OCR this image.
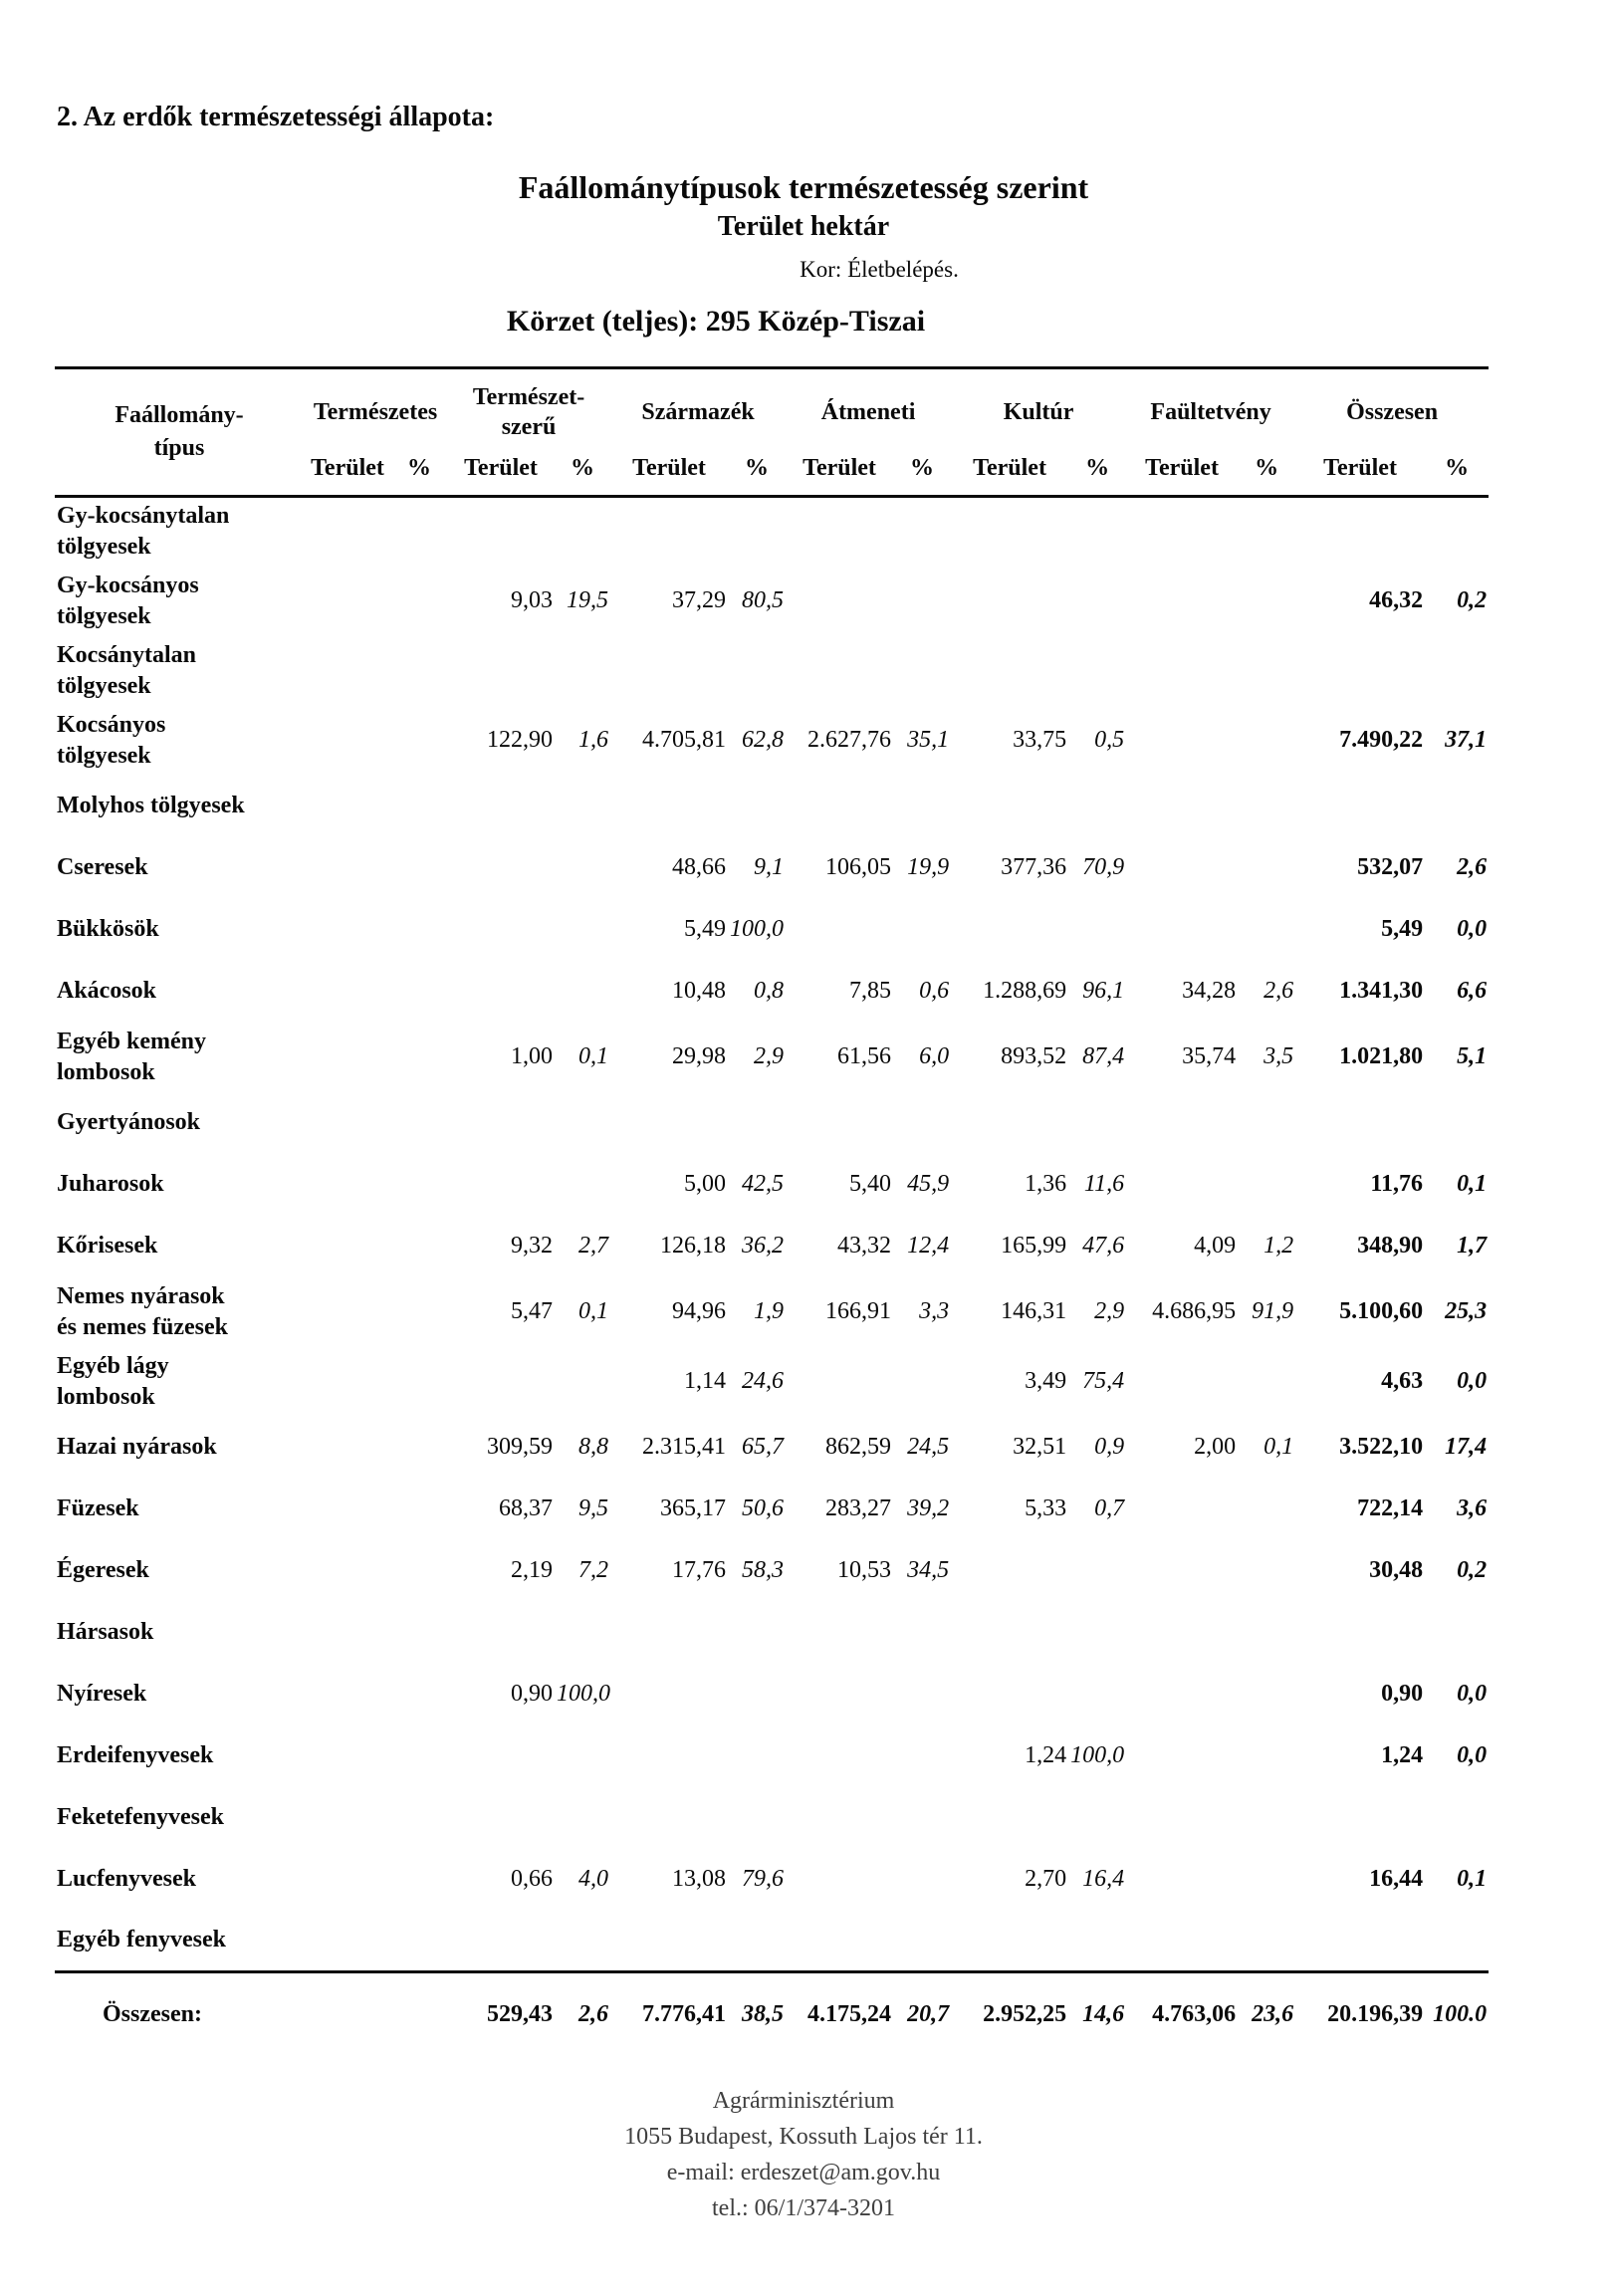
2. Az erdők természetességi állapota:
Faállománytípusok természetesség szerint
Terület hektár
Kor: Életbelépés.
Körzet (teljes): 295 Közép-Tiszai
Faállomány-
típus
	Természetes	Természet-
szerű	Származék	Átmeneti	Kultúr	Faültetvény	Összesen
	Terület	%	Terület	%	Terület	%	Terület	%	Terület	%	Terület	%	Terület	%
Gy-kocsánytalan
tölgyesek														
Gy-kocsányos
tölgyesek			9,03	19,5	37,29	80,5							46,32	0,2
Kocsánytalan
tölgyesek														
Kocsányos
tölgyesek			122,90	1,6	4.705,81	62,8	2.627,76	35,1	33,75	0,5			7.490,22	37,1
Molyhos tölgyesek														
Cseresek					48,66	9,1	106,05	19,9	377,36	70,9			532,07	2,6
Bükkösök					5,49	100,0							5,49	0,0
Akácosok					10,48	0,8	7,85	0,6	1.288,69	96,1	34,28	2,6	1.341,30	6,6
Egyéb kemény
lombosok			1,00	0,1	29,98	2,9	61,56	6,0	893,52	87,4	35,74	3,5	1.021,80	5,1
Gyertyánosok														
Juharosok					5,00	42,5	5,40	45,9	1,36	11,6			11,76	0,1
Kőrisesek			9,32	2,7	126,18	36,2	43,32	12,4	165,99	47,6	4,09	1,2	348,90	1,7
Nemes nyárasok
és nemes füzesek			5,47	0,1	94,96	1,9	166,91	3,3	146,31	2,9	4.686,95	91,9	5.100,60	25,3
Egyéb lágy
lombosok					1,14	24,6			3,49	75,4			4,63	0,0
Hazai nyárasok			309,59	8,8	2.315,41	65,7	862,59	24,5	32,51	0,9	2,00	0,1	3.522,10	17,4
Füzesek			68,37	9,5	365,17	50,6	283,27	39,2	5,33	0,7			722,14	3,6
Égeresek			2,19	7,2	17,76	58,3	10,53	34,5					30,48	0,2
Hársasok														
Nyíresek			0,90	100,0									0,90	0,0
Erdeifenyvesek									1,24	100,0			1,24	0,0
Feketefenyvesek														
Lucfenyvesek			0,66	4,0	13,08	79,6			2,70	16,4			16,44	0,1
Egyéb fenyvesek														
Összesen:			529,43	2,6	7.776,41	38,5	4.175,24	20,7	2.952,25	14,6	4.763,06	23,6	20.196,39	100.0
Agrárminisztérium
1055 Budapest, Kossuth Lajos tér 11.
e-mail: erdeszet@am.gov.hu
tel.: 06/1/374-3201
